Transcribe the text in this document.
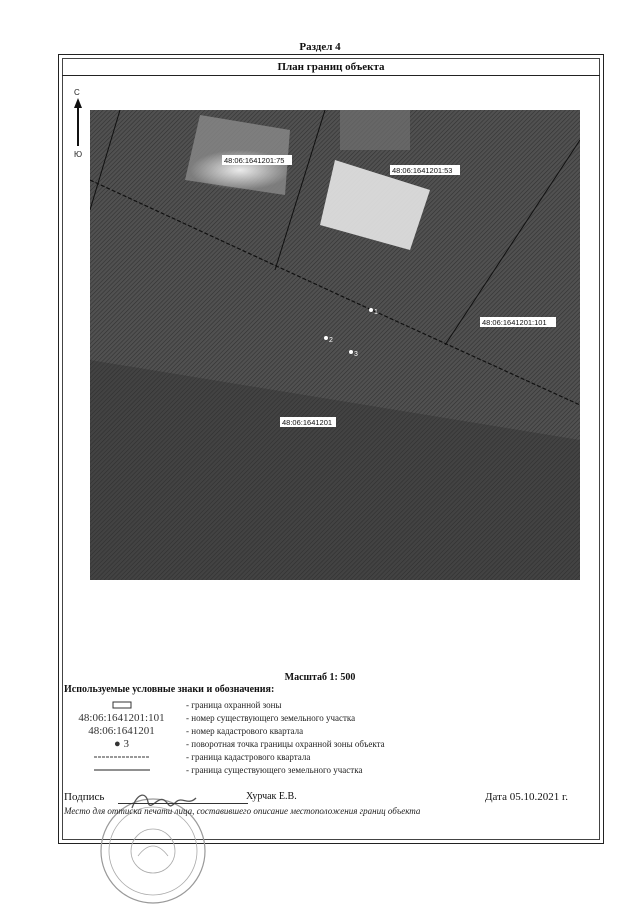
Раздел 4
План границ объекта
С
Ю
1
2
3
48:06:1641201:75
48:06:1641201:53
48:06:1641201:101
48:06:1641201
Масштаб 1: 500
Используемые условные знаки и обозначения:
- граница охранной зоны
48:06:1641201:101	- номер существующего земельного участка
48:06:1641201	- номер кадастрового квартала
● 3	- поворотная точка границы охранной зоны объекта
- граница кадастрового квартала
- граница существующего земельного участка
Подпись	Хурчак Е.В.	Дата 05.10.2021 г.
Место для оттиска печати лица, составившего описание местоположения границ объекта
